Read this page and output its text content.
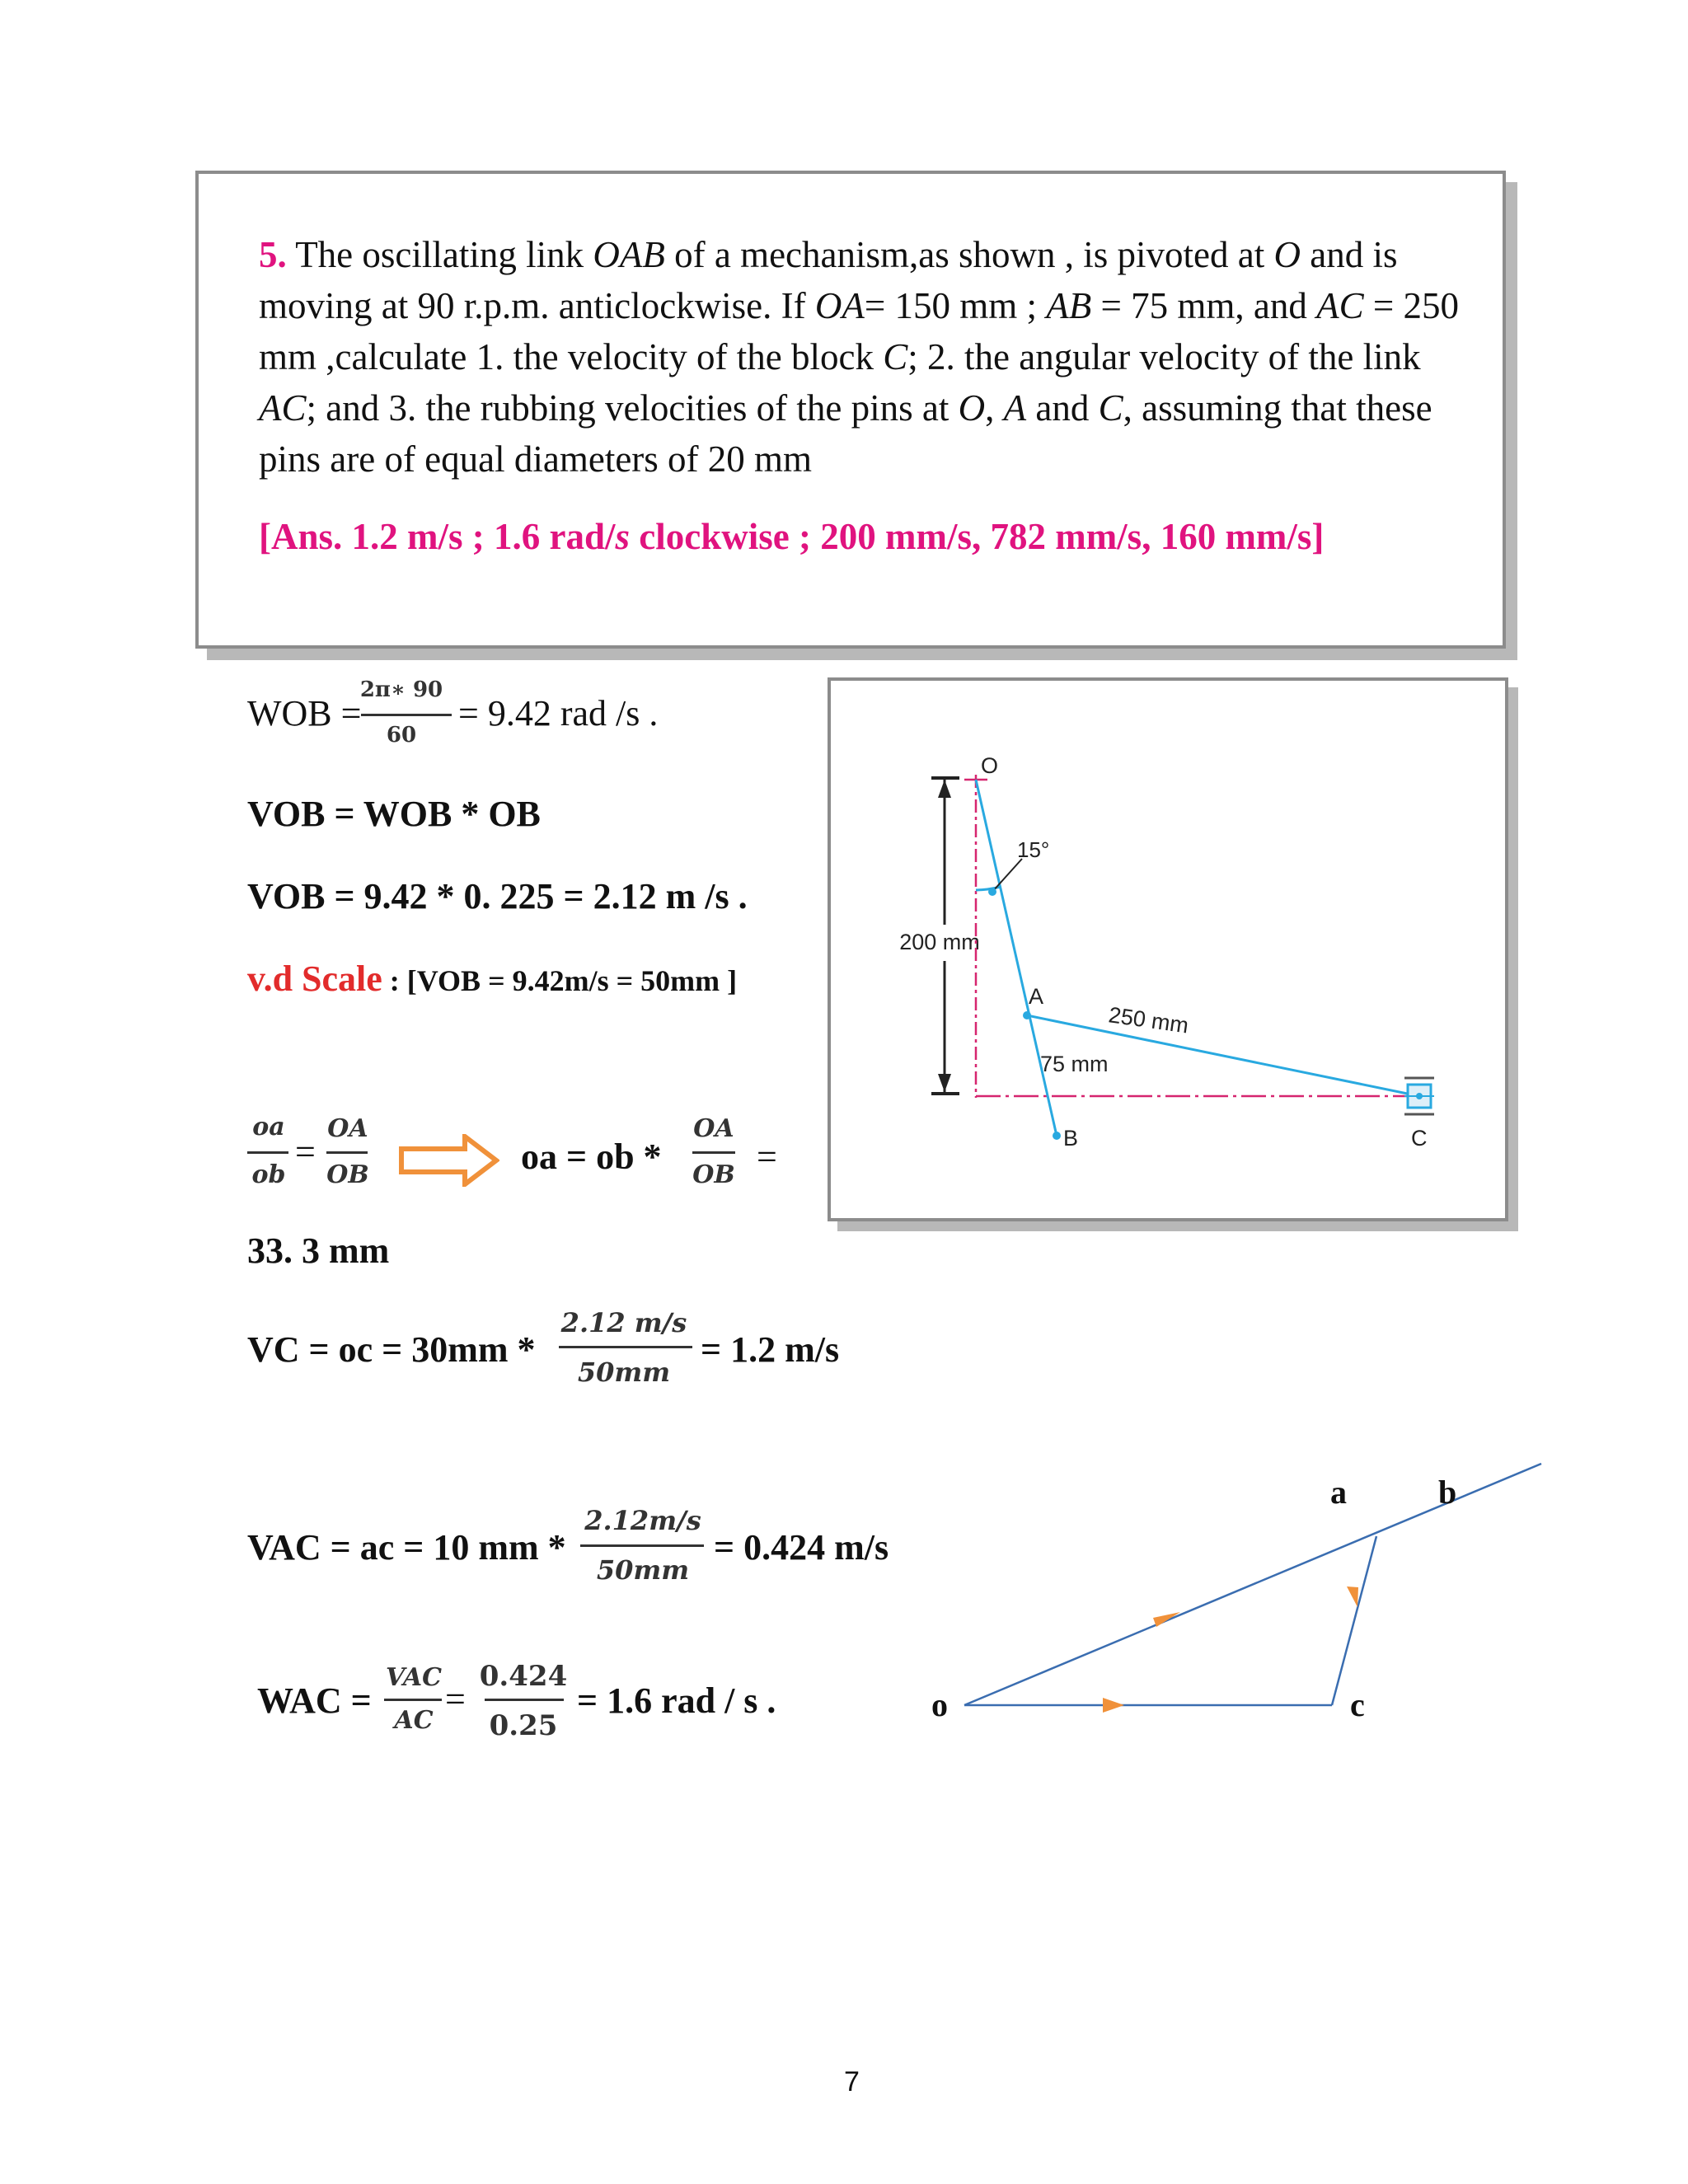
5. The oscillating link OAB of a mechanism,as shown , is pivoted at O and is moving at 90 r.p.m. anticlockwise. If OA= 150 mm ; AB = 75 mm, and AC = 250 mm ,calculate 1. the velocity of the block C; 2. the angular velocity of the link AC; and 3. the rubbing velocities of the pins at O, A and C, assuming that these pins are of equal diameters of 20 mm
[Ans. 1.2 m/s ; 1.6 rad/s clockwise ; 200 mm/s, 782 mm/s, 160 mm/s]
WOB =
2π∗ 90
60
= 9.42 rad /s .
VOB = WOB * OB
VOB = 9.42 * 0. 225 = 2.12 m /s .
v.d Scale : [VOB = 9.42m/s = 50mm ]
oa
ob
=
OA
OB	oa = ob *
OA
OB =
33. 3 mm
VC = oc = 30mm *
2.12 m/s
50mm
= 1.2 m/s
VAC = ac = 10 mm *
2.12m/s
50mm
= 0.424 m/s
WAC =
VAC
AC
=
0.424
0.25
= 1.6 rad / s .
200 mm
15°
O
A
B	C
250 mm
75 mm
o
a	b
c
7
